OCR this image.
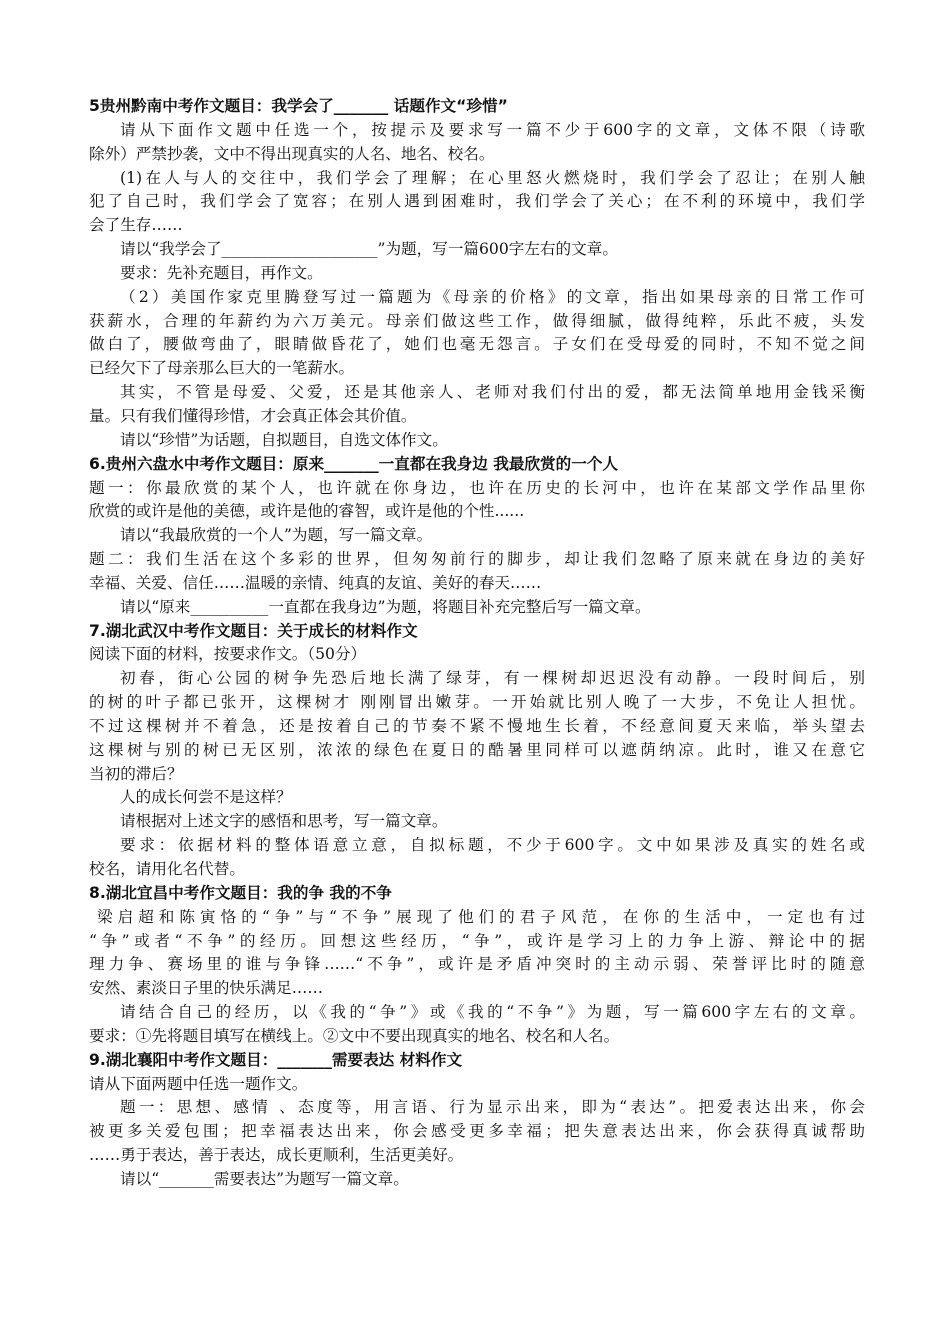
5贵州黔南中考作文题目：我学会了_______ 话题作文“珍惜”
请从下面作文题中任选一个，按提示及要求写一篇不少于600字的文章，文体不限（诗歌
除外）严禁抄袭，文中不得出现真实的人名、地名、校名。
(1)在人与人的交往中，我们学会了理解；在心里怒火燃烧时，我们学会了忍让；在别人触
犯了自己时，我们学会了宽容；在别人遇到困难时，我们学会了关心；在不利的环境中，我们学
会了生存……
请以“我学会了____________________”为题，写一篇600字左右的文章。
要求：先补充题目，再作文。
（2）美国作家克里腾登写过一篇题为《母亲的价格》的文章，指出如果母亲的日常工作可
获薪水，合理的年薪约为六万美元。母亲们做这些工作，做得细腻，做得纯粹，乐此不疲，头发
做白了，腰做弯曲了，眼睛做昏花了，她们也毫无怨言。子女们在受母爱的同时，不知不觉之间
已经欠下了母亲那么巨大的一笔薪水。
其实，不管是母爱、父爱，还是其他亲人、老师对我们付出的爱，都无法简单地用金钱采衡
量。只有我们懂得珍惜，才会真正体会其价值。
请以“珍惜”为话题，自拟题目，自选文体作文。
6.贵州六盘水中考作文题目：原来_______一直都在我身边 我最欣赏的一个人
题一：你最欣赏的某个人，也许就在你身边，也许在历史的长河中，也许在某部文学作品里你
欣赏的或许是他的美德，或许是他的睿智，或许是他的个性......
请以“我最欣赏的一个人”为题，写一篇文章。
题二：我们生活在这个多彩的世界，但匆匆前行的脚步，却让我们忽略了原来就在身边的美好
幸福、关爱、信任……温暖的亲情、纯真的友谊、美好的春天……
请以“原来__________一直都在我身边”为题，将题目补充完整后写一篇文章。
7.湖北武汉中考作文题目：关于成长的材料作文
阅读下面的材料，按要求作文。（50分）
初春，街心公园的树争先恐后地长满了绿芽，有一棵树却迟迟没有动静。一段时间后，别
的树的叶子都已张开，这棵树才 刚刚冒出嫩芽。一开始就比别人晚了一大步，不免让人担忧。
不过这棵树并不着急，还是按着自己的节奏不紧不慢地生长着，不经意间夏天来临，举头望去
这棵树与别的树已无区别，浓浓的绿色在夏日的酷暑里同样可以遮荫纳凉。此时，谁又在意它
当初的滞后？
人的成长何尝不是这样？
请根据对上述文字的感悟和思考，写一篇文章。
要求：依据材料的整体语意立意，自拟标题，不少于600字。文中如果涉及真实的姓名或
校名，请用化名代替。
8.湖北宜昌中考作文题目：我的争 我的不争
梁启超和陈寅恪的“争”与“不争”展现了他们的君子风范，在你的生活中，一定也有过
“争”或者“不争”的经历。回想这些经历，“争”，或许是学习上的力争上游、辩论中的据
理力争、赛场里的谁与争锋……“不争”，或许是矛盾冲突时的主动示弱、荣誉评比时的随意
安然、素淡日子里的快乐满足……
请结合自己的经历，以《我的“争”》或《我的“不争”》为题，写一篇600字左右的文章。
要求：①先将题目填写在横线上。②文中不要出现真实的地名、校名和人名。
9.湖北襄阳中考作文题目：_______需要表达 材料作文
请从下面两题中任选一题作文。
题一：思想、感情 、态度等，用言语、行为显示出来，即为“表达”。把爱表达出来，你会
被更多关爱包围；把幸福表达出来，你会感受更多幸福；把失意表达出来，你会获得真诚帮助
……勇于表达，善于表达，成长更顺利，生活更美好。
请以“_______需要表达”为题写一篇文章。
